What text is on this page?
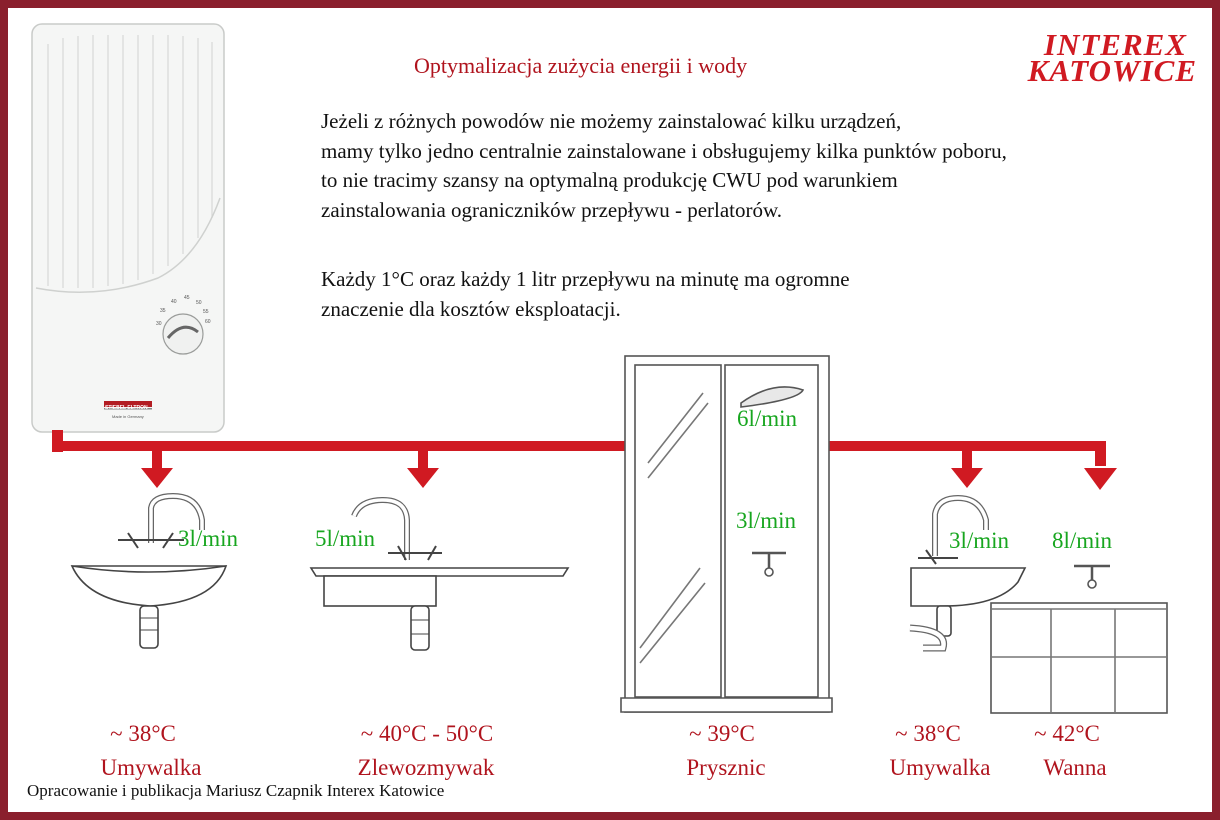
30
35
40
45
50
55
60
Optymalizacja zużycia energii i wody
INTEREX
KATOWICE
Jeżeli z różnych powodów nie możemy zainstalować kilku urządzeń,
mamy tylko jedno centralnie zainstalowane i obsługujemy kilka punktów poboru,
to nie tracimy szansy na optymalną produkcję CWU pod warunkiem
zainstalowania ograniczników przepływu - perlatorów.
Każdy 1°C oraz każdy 1 litr przepływu na minutę ma ogromne
znaczenie dla kosztów eksploatacji.
STIEBEL ELTRON
Made in Germany
3l/min	5l/min
6l/min
3l/min
3l/min 8l/min
~ 38°C
Umywalka
~ 40°C - 50°C
Zlewozmywak
~ 39°C
Prysznic
~ 38°C
Umywalka
~ 42°C
Wanna
Opracowanie i publikacja Mariusz Czapnik Interex Katowice
